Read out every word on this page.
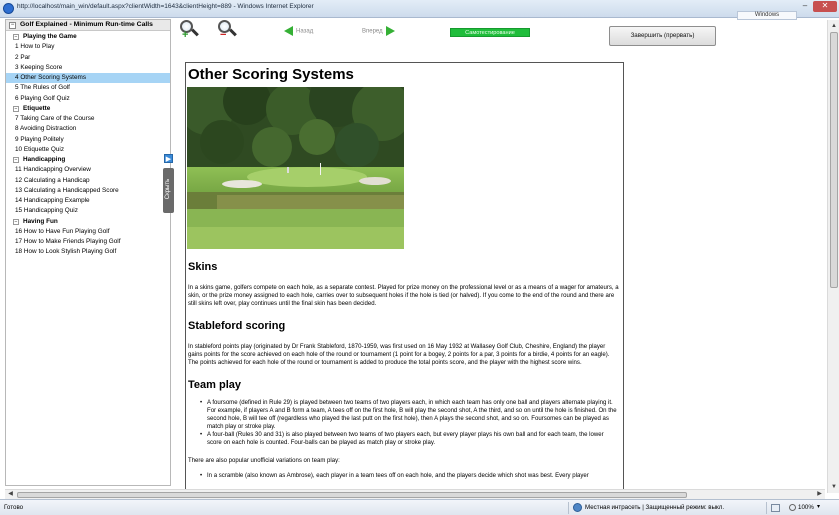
http://localhost/main_win/default.aspx?clientWidth=1643&clientHeight=889 - Windows Internet Explorer
Windows
–	✕
− Golf Explained - Minimum Run-time Calls
− Playing the Game
1 How to Play
2 Par
3 Keeping Score
4 Other Scoring Systems
5 The Rules of Golf
6 Playing Golf Quiz
− Etiquette
7 Taking Care of the Course
8 Avoiding Distraction
9 Playing Politely
10 Etiquette Quiz
− Handicapping
11 Handicapping Overview
12 Calculating a Handicap
13 Calculating a Handicapped Score
14 Handicapping Example
15 Handicapping Quiz
− Having Fun
16 How to Have Fun Playing Golf
17 How to Make Friends Playing Golf
18 How to Look Stylish Playing Golf
▶
Скрыть
+	−	Назад	Вперед	Самотестирование	Завершить (прервать)
Other Scoring Systems
Skins

In a skins game, golfers compete on each hole, as a separate contest. Played for prize money on the professional level or as a means of a wager for amateurs, a skin, or the prize money assigned to each hole, carries over to subsequent holes if the hole is tied (or halved). If you come to the end of the round and there are still skins left over, play continues until the final skin has been decided.

Stableford scoring

In stableford points play (originated by Dr Frank Stableford, 1870-1959, was first used on 16 May 1932 at Wallasey Golf Club, Cheshire, England) the player gains points for the score achieved on each hole of the round or tournament (1 point for a bogey, 2 points for a par, 3 points for a birdie, 4 points for an eagle). The points achieved for each hole of the round or tournament is added to produce the total points score, and the player with the highest score wins.

Team play
• A foursome (defined in Rule 29) is played between two teams of two players each, in which each team has only one ball and players alternate playing it. For example, if players A and B form a team, A tees off on the first hole, B will play the second shot, A the third, and so on until the hole is finished. On the second hole, B will tee off (regardless who played the last putt on the first hole), then A plays the second shot, and so on. Foursomes can be played as match play or stroke play.
• A four-ball (Rules 30 and 31) is also played between two teams of two players each, but every player plays his own ball and for each team, the lower score on each hole is counted. Four-balls can be played as match play or stroke play.

There are also popular unofficial variations on team play:

• In a scramble (also known as Ambrose), each player in a team tees off on each hole, and the players decide which shot was best. Every player
▲
▼
◀	▶
Готово	Местная интрасеть | Защищенный режим: выкл.	100% ▾
